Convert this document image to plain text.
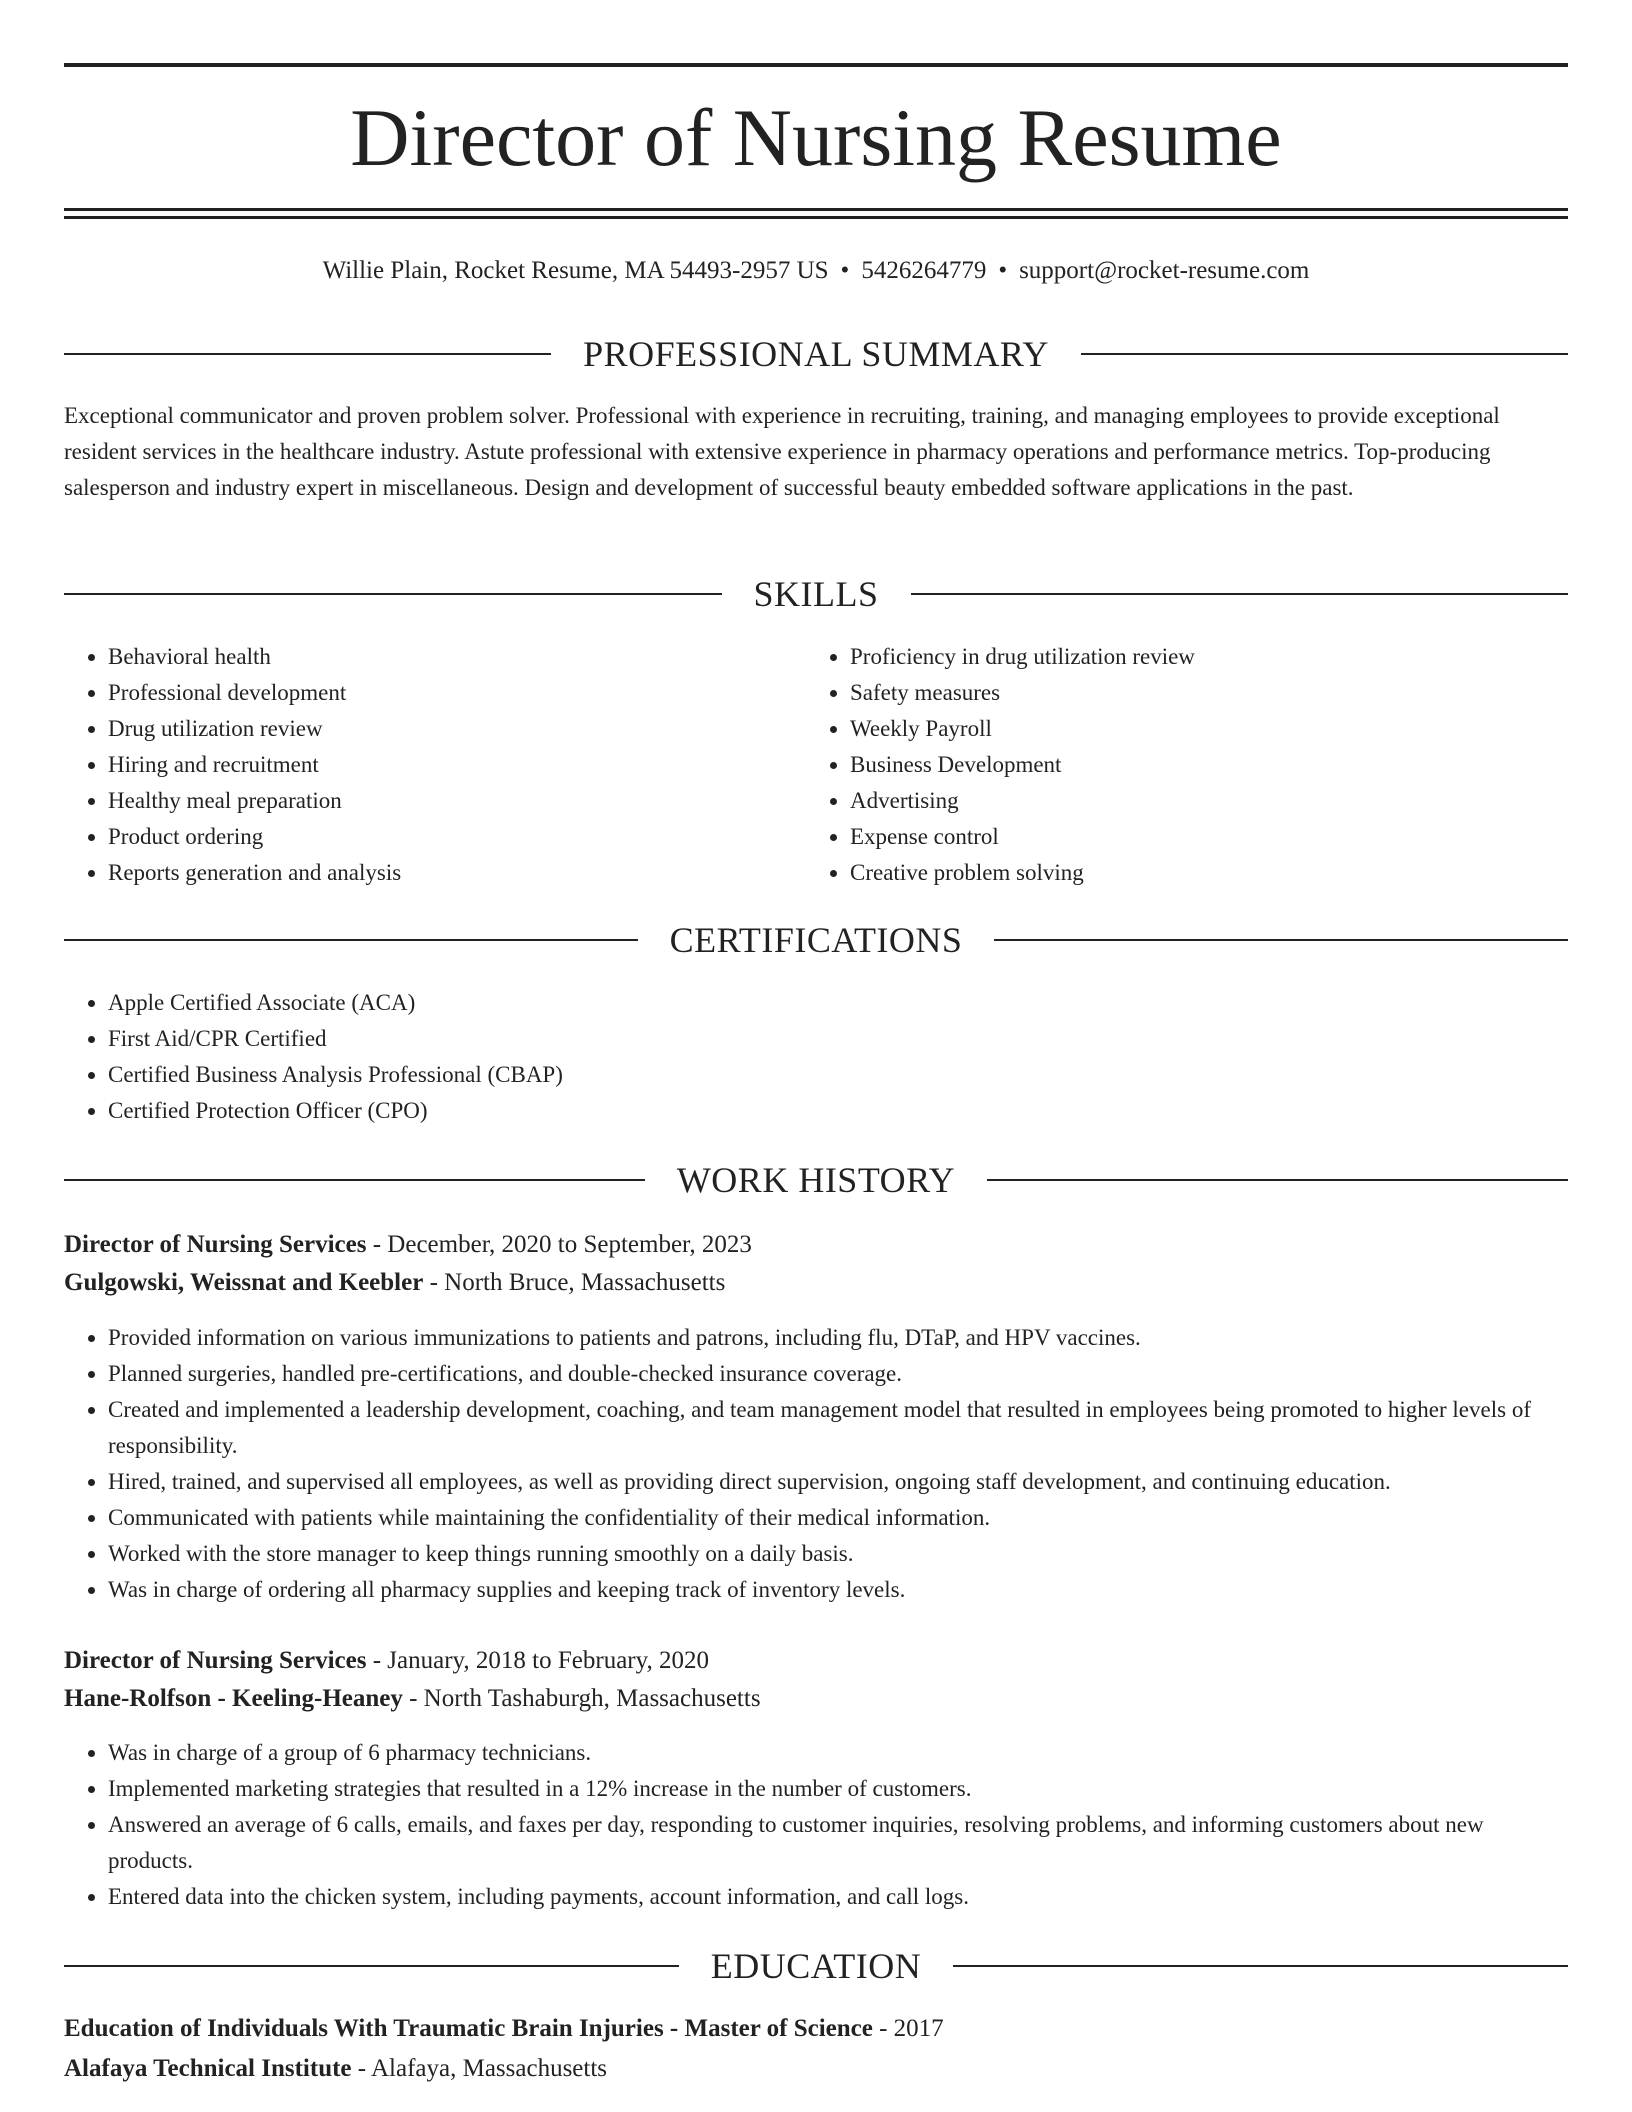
Director of Nursing Resume
Willie Plain, Rocket Resume, MA 54493-2957 US • 5426264779 • support@rocket-resume.com
PROFESSIONAL SUMMARY

Exceptional communicator and proven problem solver. Professional with experience in recruiting, training, and managing employees to provide exceptional resident services in the healthcare industry. Astute professional with extensive experience in pharmacy operations and performance metrics. Top-producing salesperson and industry expert in miscellaneous. Design and development of successful beauty embedded software applications in the past.

SKILLS
• Behavioral health
• Professional development
• Drug utilization review
• Hiring and recruitment
• Healthy meal preparation
• Product ordering
• Reports generation and analysis
• Proficiency in drug utilization review
• Safety measures
• Weekly Payroll
• Business Development
• Advertising
• Expense control
• Creative problem solving
CERTIFICATIONS
• Apple Certified Associate (ACA)
• First Aid/CPR Certified
• Certified Business Analysis Professional (CBAP)
• Certified Protection Officer (CPO)
WORK HISTORY
Director of Nursing Services - December, 2020 to September, 2023
Gulgowski, Weissnat and Keebler - North Bruce, Massachusetts
• Provided information on various immunizations to patients and patrons, including flu, DTaP, and HPV vaccines.
• Planned surgeries, handled pre-certifications, and double-checked insurance coverage.
• Created and implemented a leadership development, coaching, and team management model that resulted in employees being promoted to higher levels of responsibility.
• Hired, trained, and supervised all employees, as well as providing direct supervision, ongoing staff development, and continuing education.
• Communicated with patients while maintaining the confidentiality of their medical information.
• Worked with the store manager to keep things running smoothly on a daily basis.
• Was in charge of ordering all pharmacy supplies and keeping track of inventory levels.
Director of Nursing Services - January, 2018 to February, 2020
Hane-Rolfson - Keeling-Heaney - North Tashaburgh, Massachusetts
• Was in charge of a group of 6 pharmacy technicians.
• Implemented marketing strategies that resulted in a 12% increase in the number of customers.
• Answered an average of 6 calls, emails, and faxes per day, responding to customer inquiries, resolving problems, and informing customers about new products.
• Entered data into the chicken system, including payments, account information, and call logs.
EDUCATION
Education of Individuals With Traumatic Brain Injuries - Master of Science - 2017
Alafaya Technical Institute - Alafaya, Massachusetts
